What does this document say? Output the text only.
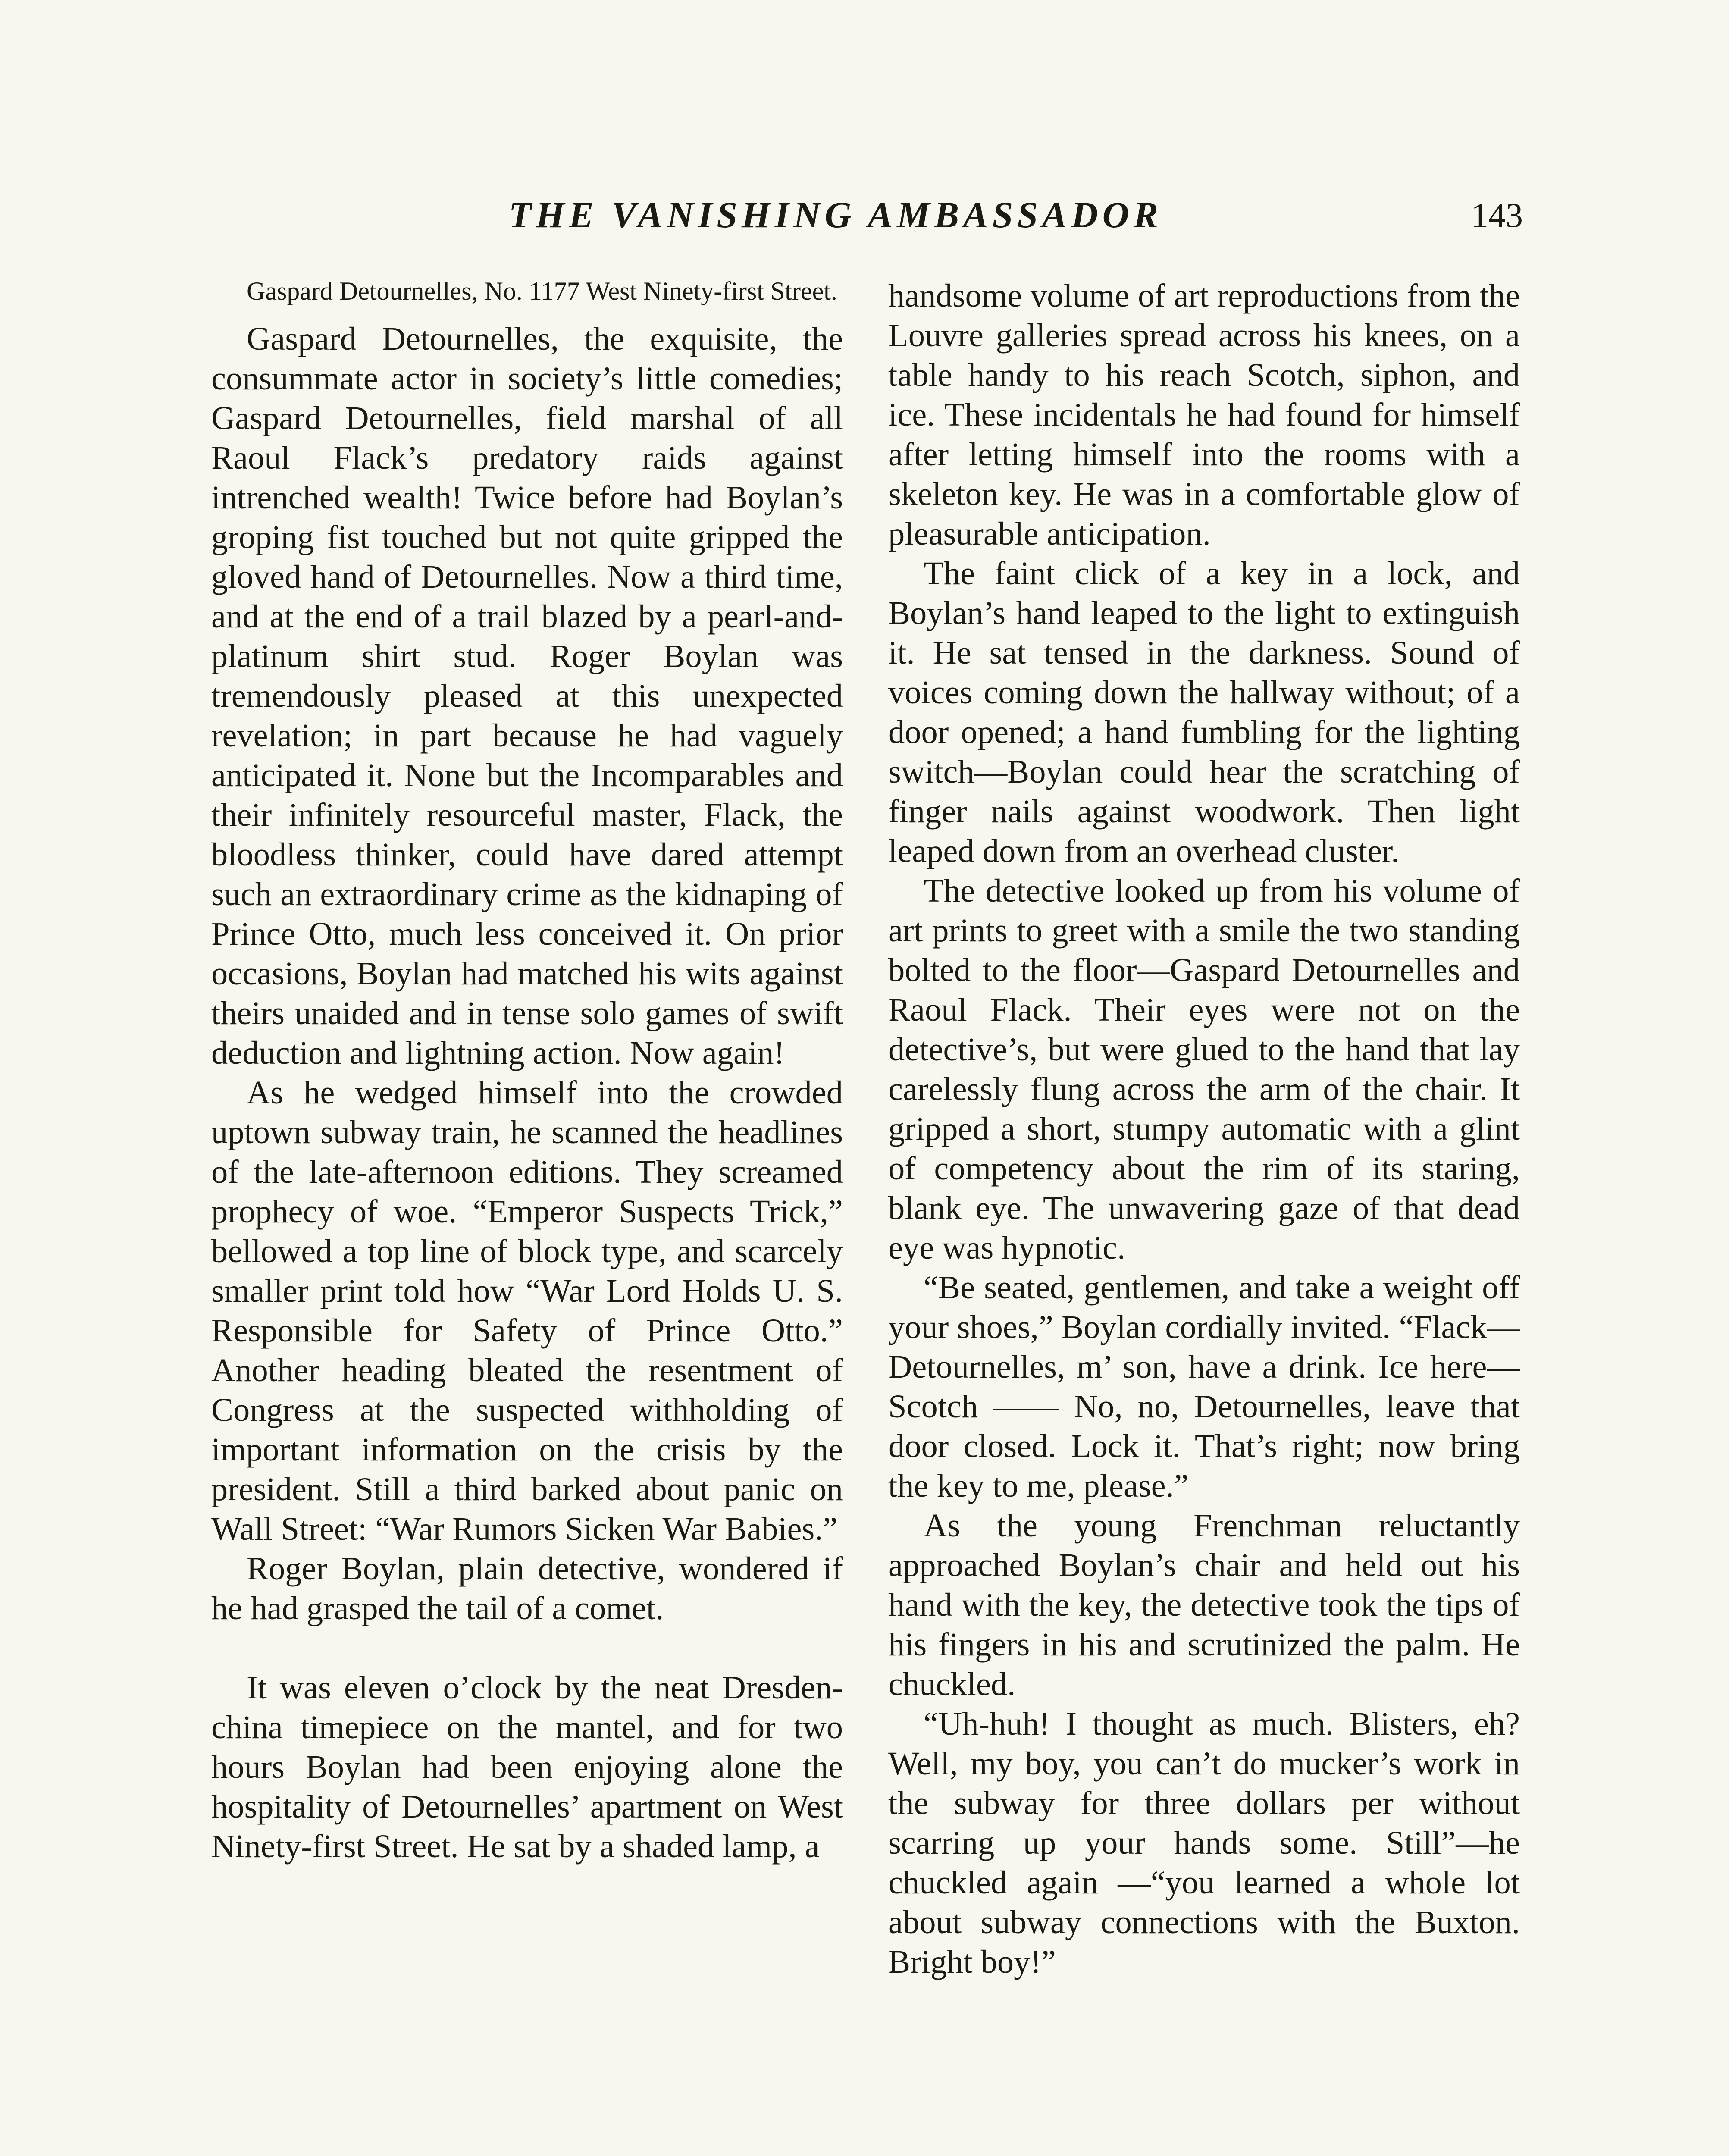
THE VANISHING AMBASSADOR	143

Gaspard Detournelles, No. 1177 West Ninety-first Street.

Gaspard Detournelles, the exquisite, the consummate actor in society’s little comedies; Gaspard Detournelles, field marshal of all Raoul Flack’s predatory raids against intrenched wealth! Twice before had Boylan’s groping fist touched but not quite gripped the gloved hand of Detournelles. Now a third time, and at the end of a trail blazed by a pearl-and-platinum shirt stud. Roger Boylan was tremendously pleased at this unexpected revelation; in part because he had vaguely anticipated it. None but the Incomparables and their infinitely resourceful master, Flack, the bloodless thinker, could have dared attempt such an extraordinary crime as the kidnaping of Prince Otto, much less conceived it. On prior occasions, Boylan had matched his wits against theirs unaided and in tense solo games of swift deduction and lightning action. Now again!

As he wedged himself into the crowded uptown subway train, he scanned the headlines of the late-afternoon editions. They screamed prophecy of woe. “Emperor Suspects Trick,” bellowed a top line of block type, and scarcely smaller print told how “War Lord Holds U. S. Responsible for Safety of Prince Otto.” Another heading bleated the resentment of Congress at the suspected withholding of important information on the crisis by the president. Still a third barked about panic on Wall Street: “War Rumors Sicken War Babies.”

Roger Boylan, plain detective, wondered if he had grasped the tail of a comet.

It was eleven o’clock by the neat Dresden-china timepiece on the mantel, and for two hours Boylan had been enjoying alone the hospitality of Detournelles’ apartment on West Ninety-first Street. He sat by a shaded lamp, a

handsome volume of art reproductions from the Louvre galleries spread across his knees, on a table handy to his reach Scotch, siphon, and ice. These incidentals he had found for himself after letting himself into the rooms with a skeleton key. He was in a comfortable glow of pleasurable anticipation.

The faint click of a key in a lock, and Boylan’s hand leaped to the light to extinguish it. He sat tensed in the darkness. Sound of voices coming down the hallway without; of a door opened; a hand fumbling for the lighting switch—Boylan could hear the scratching of finger nails against woodwork. Then light leaped down from an overhead cluster.

The detective looked up from his volume of art prints to greet with a smile the two standing bolted to the floor—Gaspard Detournelles and Raoul Flack. Their eyes were not on the detective’s, but were glued to the hand that lay carelessly flung across the arm of the chair. It gripped a short, stumpy automatic with a glint of competency about the rim of its staring, blank eye. The unwavering gaze of that dead eye was hypnotic.

“Be seated, gentlemen, and take a weight off your shoes,” Boylan cordially invited. “Flack—Detournelles, m’ son, have a drink. Ice here—Scotch —— No, no, Detournelles, leave that door closed. Lock it. That’s right; now bring the key to me, please.”

As the young Frenchman reluctantly approached Boylan’s chair and held out his hand with the key, the detective took the tips of his fingers in his and scrutinized the palm. He chuckled.

“Uh-huh! I thought as much. Blisters, eh? Well, my boy, you can’t do mucker’s work in the subway for three dollars per without scarring up your hands some. Still”—he chuckled again —“you learned a whole lot about subway connections with the Buxton. Bright boy!”
